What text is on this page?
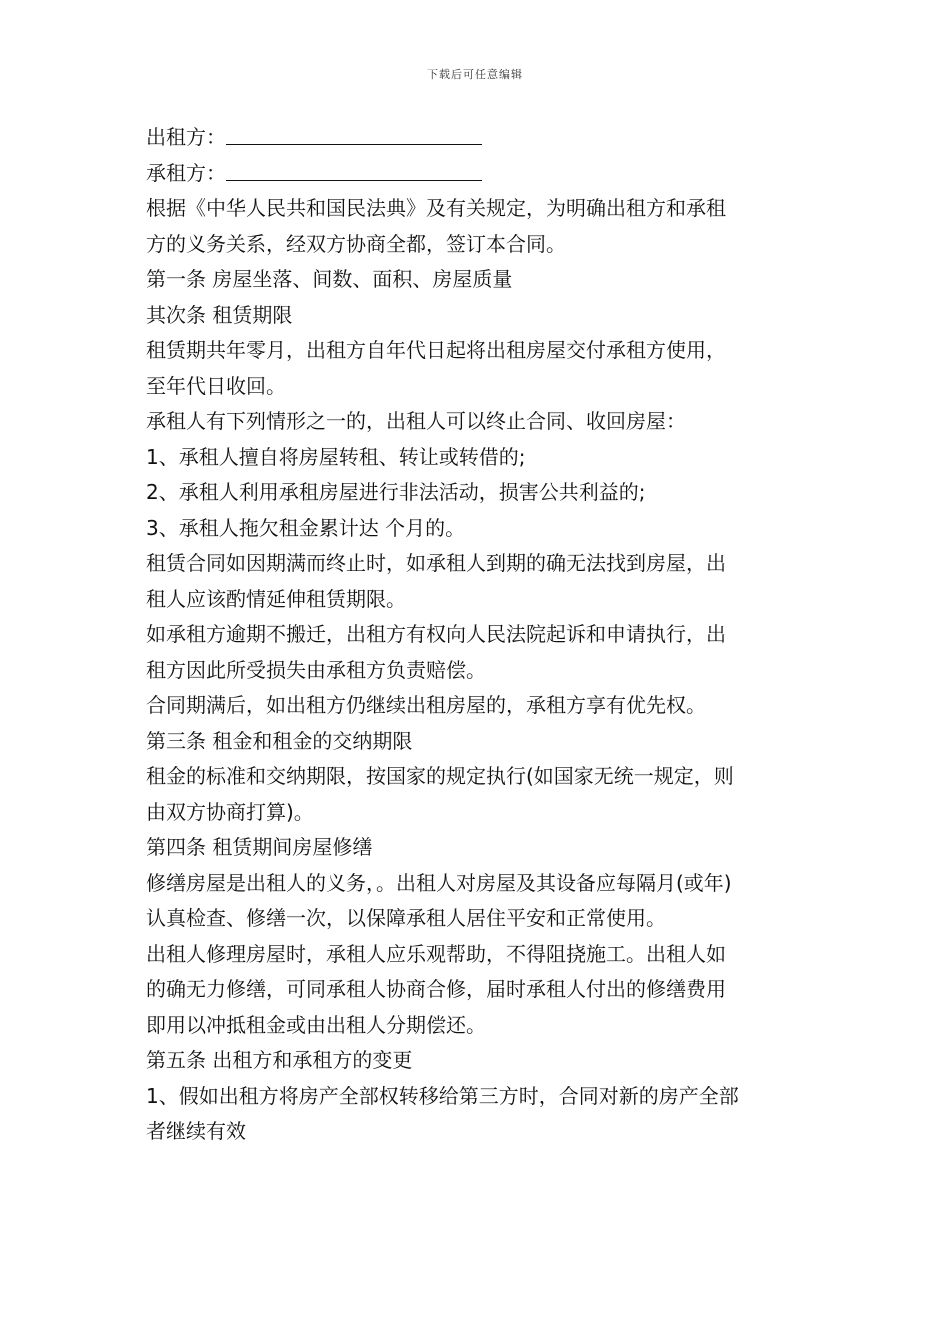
下载后可任意编辑
出租方：
承租方：
根据《中华人民共和国民法典》及有关规定，为明确出租方和承租
方的义务关系，经双方协商全都，签订本合同。
第一条 房屋坐落、间数、面积、房屋质量
其次条 租赁期限
租赁期共年零月，出租方自年代日起将出租房屋交付承租方使用，
至年代日收回。
承租人有下列情形之一的，出租人可以终止合同、收回房屋：
1、承租人擅自将房屋转租、转让或转借的;
2、承租人利用承租房屋进行非法活动，损害公共利益的;
3、承租人拖欠租金累计达 个月的。
租赁合同如因期满而终止时，如承租人到期的确无法找到房屋，出
租人应该酌情延伸租赁期限。
如承租方逾期不搬迁，出租方有权向人民法院起诉和申请执行，出
租方因此所受损失由承租方负责赔偿。
合同期满后，如出租方仍继续出租房屋的，承租方享有优先权。
第三条 租金和租金的交纳期限
租金的标准和交纳期限，按国家的规定执行(如国家无统一规定，则
由双方协商打算)。
第四条 租赁期间房屋修缮
修缮房屋是出租人的义务，。出租人对房屋及其设备应每隔月(或年)
认真检查、修缮一次，以保障承租人居住平安和正常使用。
出租人修理房屋时，承租人应乐观帮助，不得阻挠施工。出租人如
的确无力修缮，可同承租人协商合修，届时承租人付出的修缮费用
即用以冲抵租金或由出租人分期偿还。
第五条 出租方和承租方的变更
1、假如出租方将房产全部权转移给第三方时，合同对新的房产全部
者继续有效
